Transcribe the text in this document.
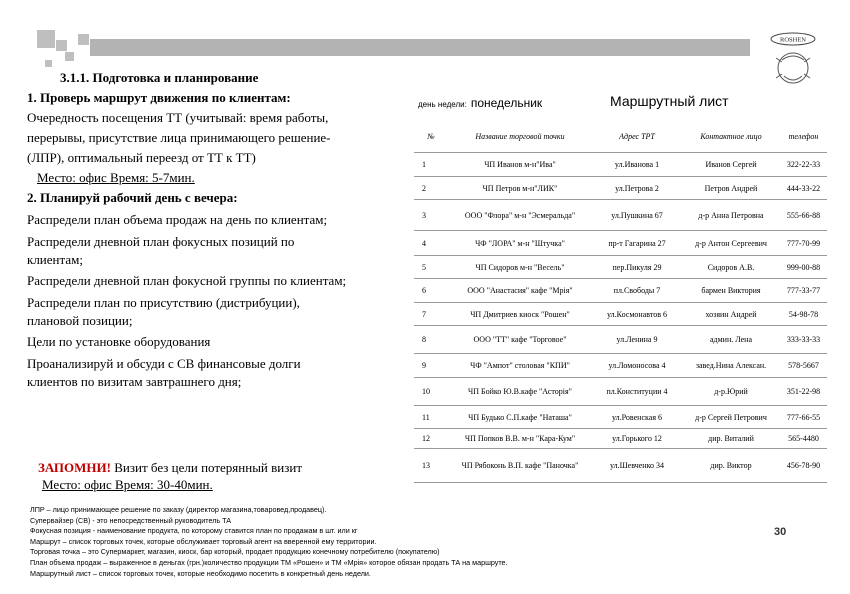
ROSHEN
3.1.1. Подготовка и планирование
1. Проверь маршрут движения по клиентам:
Очередность посещения ТТ (учитывай: время работы,
перерывы, присутствие лица принимающего решение-
(ЛПР), оптимальный переезд от ТТ к ТТ)
Место: офис Время: 5-7мин.
2. Планируй рабочий день с вечера:
Распредели план объема продаж на день по клиентам;
Распредели дневной план фокусных позиций по
клиентам;
Распредели дневной план фокусной группы по клиентам;
Распредели план по присутствию (дистрибуции),
плановой позиции;
Цели по установке оборудования
Проанализируй и обсуди с СВ финансовые долги
клиентов по визитам завтрашнего дня;
ЗАПОМНИ! Визит без цели потерянный визит
Место: офис Время: 30-40мин.
день недели: понедельник	Маршрутный лист
№	Название торговой точки	Адрес ТРТ	Контактное лицо	телефон
1	ЧП Иванов м-н"Ива"	ул.Иванова 1	Иванов Сергей	322-22-33
2	ЧП Петров м-н"ЛИК"	ул.Петрова 2	Петров Андрей	444-33-22
3	ООО "Флора" м-н "Эсмеральда"	ул.Пушкина 67	д-р Анна Петровна	555-66-88
4	ЧФ "ЛОРА" м-н "Штучка"	пр-т Гагарина 27	д-р Антон Сергеевич	777-70-99
5	ЧП Сидоров м-н "Весель"	пер.Пикуля 29	Сидоров А.В.	999-00-88
6	ООО "Анастасия" кафе "Мрія"	пл.Свободы 7	бармен Виктория	777-33-77
7	ЧП Дмитриев киоск "Рошен"	ул.Космонавтов 6	хозяин Андрей	54-98-78
8	ООО "ТТ" кафе "Торговое"	ул.Ленина 9	админ. Лена	333-33-33
9	ЧФ "Ампот" столовая "КПИ"	ул.Ломоносова 4	завед.Нина Алексан.	578-5667
10	ЧП Бойко Ю.В.кафе "Асторія"	пл.Конституции 4	д-р.Юрий	351-22-98
11	ЧП Будько С.П.кафе "Наташа"	ул.Ровенская 6	д-р Сергей Петрович	777-66-55
12	ЧП Попков В.В. м-н "Кара-Кум"	ул.Горького 12	дир. Виталий	565-4480
13	ЧП Рябоконь В.П. кафе "Паночка"	ул.Шевченко 34	дир. Виктор	456-78-90
ЛПР – лицо принимающее решение по заказу (директор магазина,товаровед,продавец).
Супервайзер (СВ) - это непосредственный руководитель ТА
Фокусная позиция - наименование продукта, по которому ставится план по продажам в шт. или кг
Маршрут – список торговых точек, которые обслуживает торговый агент на вверенной ему территории.
Торговая точка – это Супермаркет, магазин, киоск, бар который, продает продукцию конечному потребителю (покупателю)
План объема продаж – выраженное в деньгах (грн.)количество продукции ТМ «Рошен» и ТМ «Мрія» которое обязан продать ТА на маршруте.
Маршрутный лист – список торговых точек, которые необходимо посетить в конкретный день недели.
30
